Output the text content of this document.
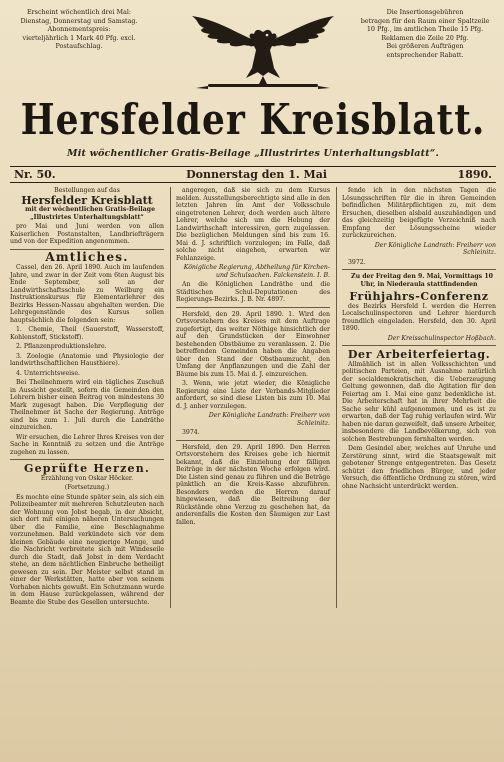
Erscheint wöchentlich drei Mal:
Dienstag, Donnerstag und Samstag.
Abonnementspreis:
vierteljährlich 1 Mark 40 Pfg. excl.
Postaufschlag.
Die Insertionsgebühren
betragen für den Raum einer Spaltzeile
10 Pfg., im amtlichen Theile 15 Pfg.
Reklamen die Zeile 20 Pfg.
Bei größeren Aufträgen entsprechender Rabatt.
Hersfelder Kreisblatt.
Mit wöchentlicher Gratis-Beilage „Illustrirtes Unterhaltungsblatt“.
Nr. 50.	Donnerstag den 1. Mai	1890.

Bestellungen auf das

Hersfelder Kreisblatt

mit der wöchentlichen Gratis-Beilage „Illustrirtes Unterhaltungsblatt“

pro Mai und Juni werden von allen Kaiserlichen Postanstalten, Landbriefträgern und von der Expedition angenommen.

Amtliches.

Cassel, den 26. April 1890. Auch im laufenden Jahre, und zwar in der Zeit vom 6ten August bis Ende September, soll an der Landwirthschaftsschule zu Weilburg ein Instruktionskursus für Elementarlehrer des Bezirks Hessen-Nassau abgehalten werden. Die Lehrgegenstände des Kursus sollen hauptsächlich die folgenden sein:

1. Chemie, Theil (Sauerstoff, Wasserstoff, Kohlenstoff, Stickstoff).

2. Pflanzenproduktionslehre.

3. Zoologie (Anatomie und Physiologie der landwirthschaftlichen Hausthiere).

4. Unterrichtsweise.

Bei Theilnehmern wird ein tägliches Zuschuß in Aussicht gestellt, sofern die Gemeinden den Lehrern bisher einen Beitrag von mindestens 30 Mark zugesagt haben. Die Verpflegung der Theilnehmer ist Sache der Regierung. Anträge sind bis zum 1. Juli durch die Landräthe einzureichen.

Wir ersuchen, die Lehrer Ihres Kreises von der Sache in Kenntniß zu setzen und die Anträge zugehen zu lassen.

Geprüfte Herzen.

Erzählung von Oskar Höcker.

(Fortsetzung.)

Es mochte eine Stunde später sein, als sich ein Polizeibeamter mit mehreren Schutzleuten nach der Wohnung von Jobst begab, in der Absicht, sich dort mit einigen näheren Untersuchungen über die Familie, eine Beschlagnahme vorzunehmen. Bald verkündete sich vor dem kleinen Gebäude eine neugierige Menge, und die Nachricht verbreitete sich mit Windeseile durch die Stadt, daß Jobst in dem Verdacht stehe, an dem nächtlichen Einbruche betheiligt gewesen zu sein. Der Meister selbst stand in einer der Werkstätten, hatte aber von seinem Vorhaben nichts gewußt. Ein Schutzmann wurde in dem Hause zurückgelassen, während der Beamte die Stube des Gesellen untersuchte.

angeregen, daß sie sich zu dem Kursus melden. Ausstellungsberechtigte sind alle in den letzten Jahren im Amt der Volksschule eingetretenen Lehrer, doch werden auch ältere Lehrer, welche sich um die Hebung der Landwirthschaft interessiren, gern zugelassen. Die bezüglichen Meldungen sind bis zum 16. Mai d. J. schriftlich vorzulegen; im Falle, daß solche nicht eingehen, erwarten wir Fehlanzeige.

Königliche Regierung, Abtheilung für Kirchen- und Schulsachen. Falckenstein. I. B.

An die Königlichen Landräthe und die Städtischen Schul-Deputationen des Regierungs-Bezirks. J. B. Nr. 4897.

Hersfeld, den 29. April 1890. 1. Wird den Ortsvorstehern des Kreises mit dem Auftrage zugefertigt, das weiter Nöthige hinsichtlich der auf den Grundstücken der Einwohner bestehenden Obstbäume zu veranlassen. 2. Die betreffenden Gemeinden haben die Angaben über den Stand der Obstbaumzucht, den Umfang der Anpflanzungen und die Zahl der Bäume bis zum 15. Mai d. J. einzureichen.

3. Wenn, wie jetzt wieder, die Königliche Regierung eine Liste der Verbands-Mitglieder anfordert, so sind diese Listen bis zum 10. Mai d. J. anher vorzulegen.

Der Königliche Landrath: Freiherr von Schleinitz.

3974.

Hersfeld, den 29. April 1890. Den Herren Ortsvorstehern des Kreises gebe ich hiermit bekannt, daß die Einziehung der fälligen Beiträge in der nächsten Woche erfolgen wird. Die Listen sind genau zu führen und die Beträge pünktlich an die Kreis-Kasse abzuführen. Besonders werden die Herren darauf hingewiesen, daß die Beitreibung der Rückstände ohne Verzug zu geschehen hat, da anderenfalls die Kosten den Säumigen zur Last fallen.

fende ich in den nächsten Tagen die Lösungsschriften für die in ihren Gemeinden befindlichen Militärpflichtigen zu, mit dem Ersuchen, dieselben alsbald auszuhändigen und das gleichzeitig beigefügte Verzeichniß nach Empfang der Lösungsscheine wieder zurückzureichen.

Der Königliche Landrath: Freiherr von Schleinitz.

3972.

Zu der Freitag den 9. Mai, Vormittags 10 Uhr, in Niederaula stattfindenden

Frühjahrs-Conferenz

des Bezirks Hersfeld I. werden die Herren Localschulinspectoren und Lehrer hierdurch freundlich eingeladen. Hersfeld, den 30. April 1890.

Der Kreisschulinspector Hoßbach.

Der Arbeiterfeiertag.

Allmählich ist in allen Volksschichten und politischen Parteien, mit Ausnahme natürlich der socialdemokratischen, die Ueberzeugung Geltung gewonnen, daß die Agitation für den Feiertag am 1. Mai eine ganz bedenkliche ist. Die Arbeiterschaft hat in ihrer Mehrheit die Sache sehr kühl aufgenommen, und es ist zu erwarten, daß der Tag ruhig verlaufen wird. Wir haben nie daran gezweifelt, daß unsere Arbeiter, insbesondere die Landbevölkerung, sich von solchen Bestrebungen fernhalten werden.

Dem Gesindel aber, welches auf Unruhe und Zerstörung sinnt, wird die Staatsgewalt mit gebotener Strenge entgegentreten. Das Gesetz schützt den friedlichen Bürger, und jeder Versuch, die öffentliche Ordnung zu stören, wird ohne Nachsicht unterdrückt werden.
